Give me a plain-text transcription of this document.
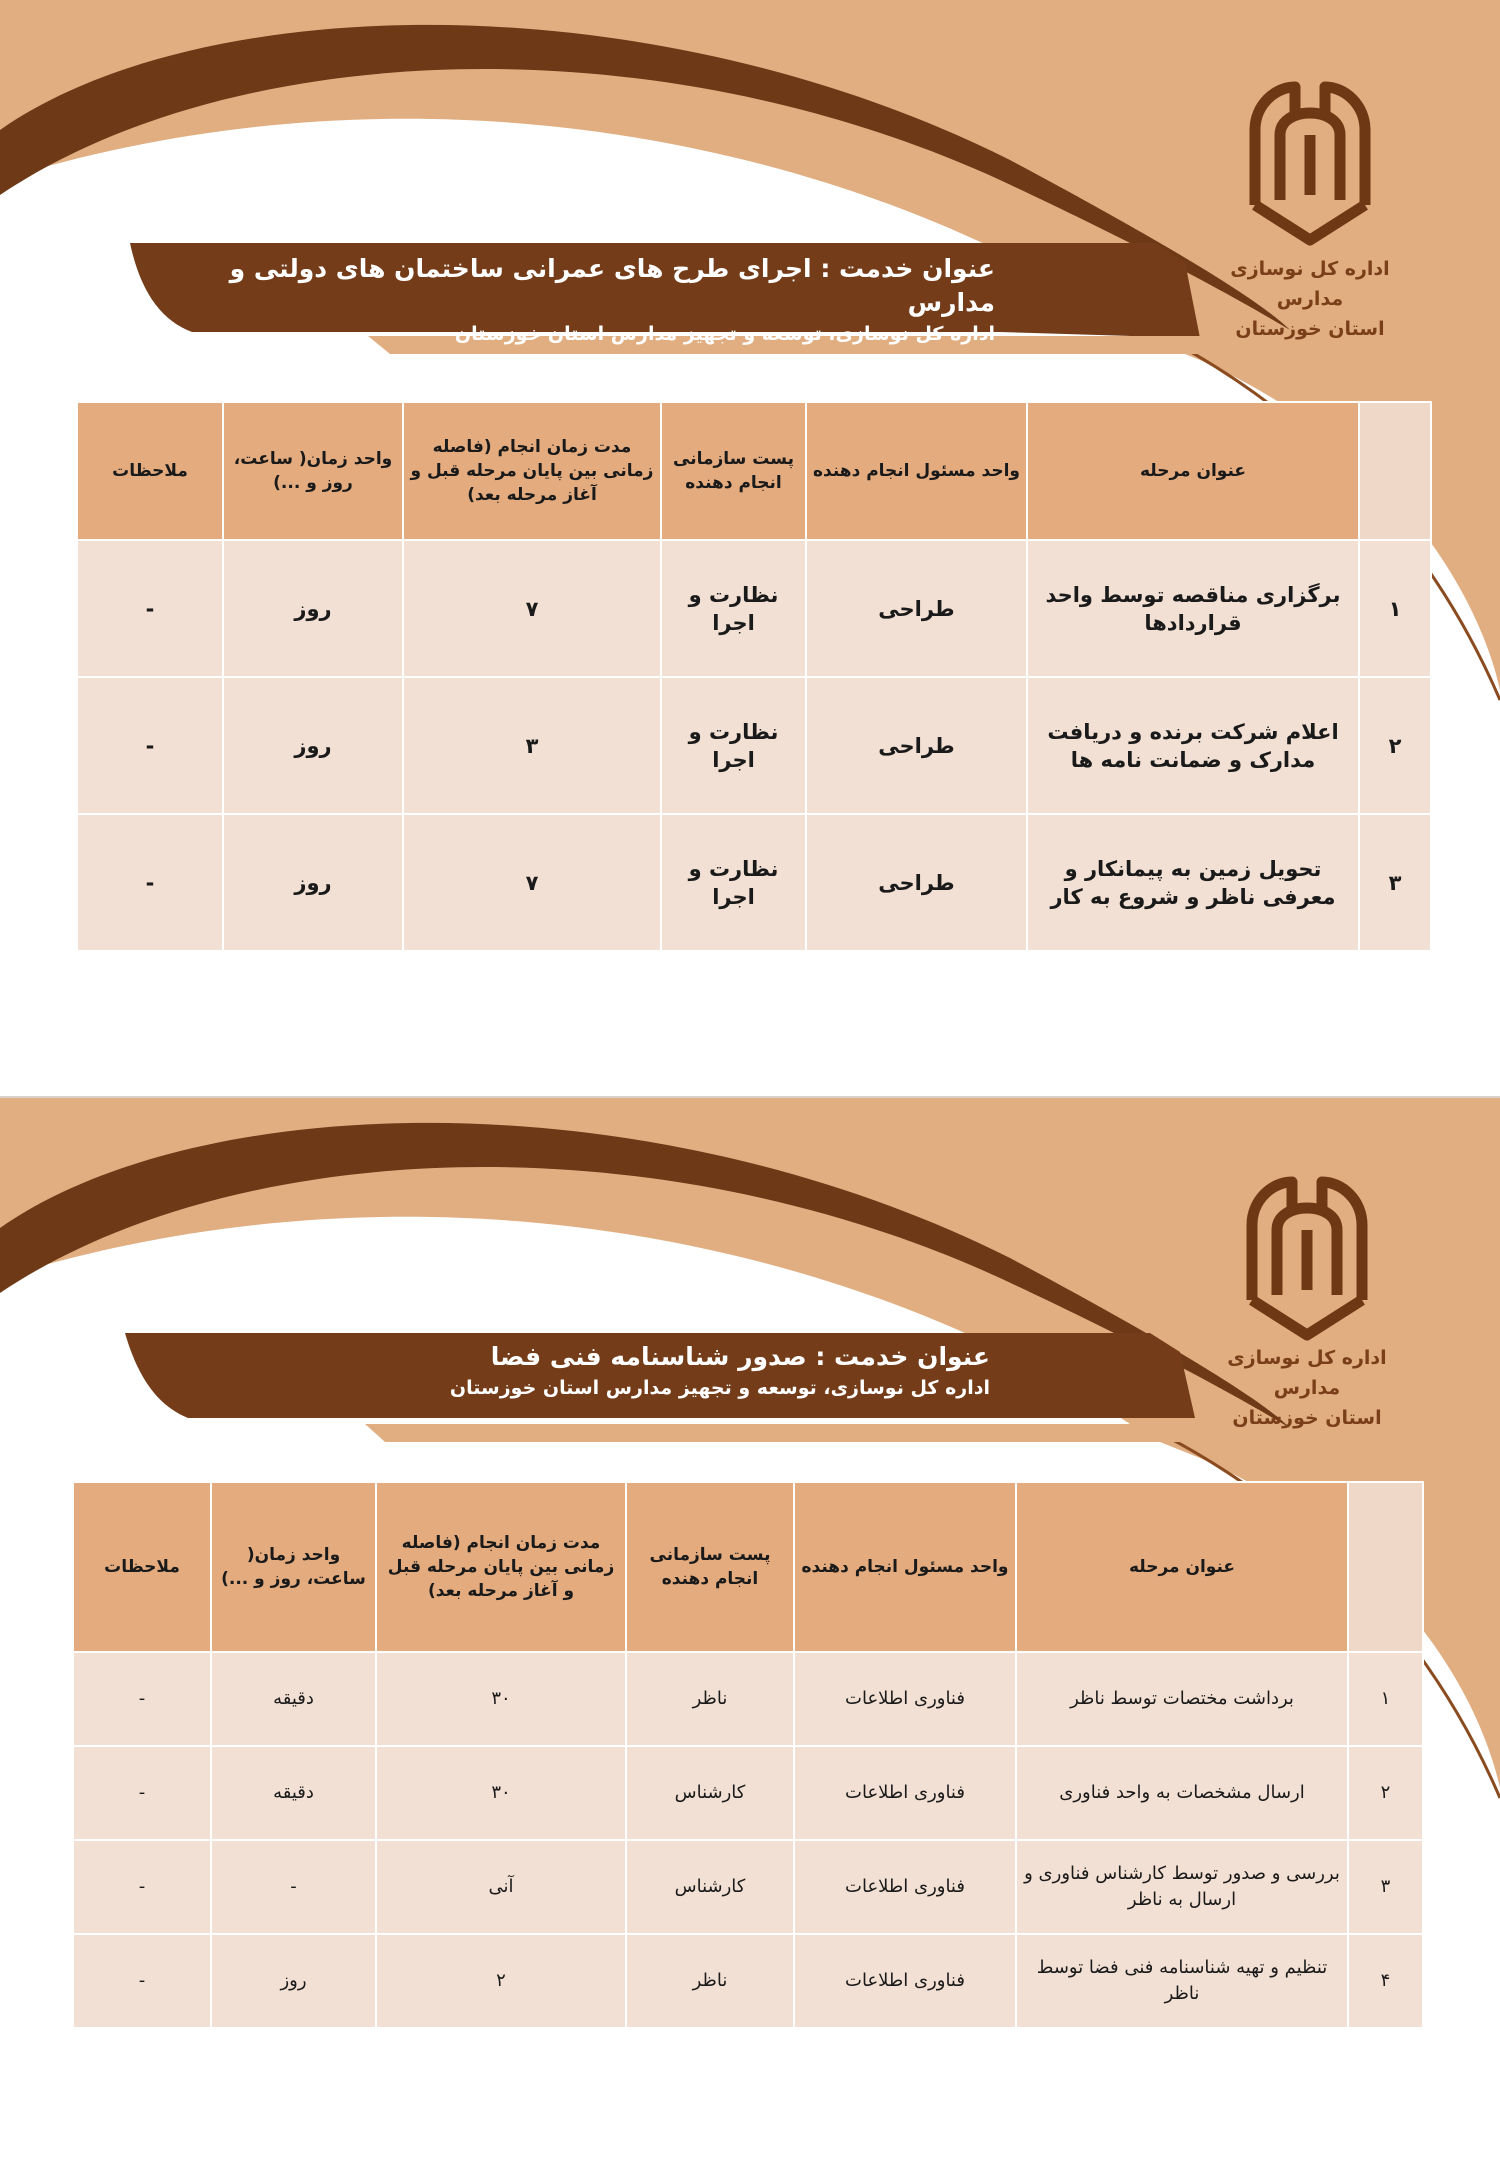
عنوان خدمت : اجرای طرح های عمرانی ساختمان های دولتی و مدارس
اداره کل نوسازی، توسعه و تجهیز مدارس استان خوزستان
اداره کل نوسازی مدارس
استان خوزستان
	عنوان مرحله	واحد مسئول انجام دهنده	پست سازمانی انجام دهنده	مدت زمان انجام (فاصله زمانی بین پایان مرحله قبل و آغاز مرحله بعد)	واحد زمان( ساعت، روز و ...)	ملاحظات
۱	برگزاری مناقصه توسط واحد قراردادها	طراحی	نظارت و اجرا	۷	روز	-
۲	اعلام شرکت برنده و دریافت مدارک و ضمانت نامه ها	طراحی	نظارت و اجرا	۳	روز	-
۳	تحویل زمین به پیمانکار و معرفی ناظر و شروع به کار	طراحی	نظارت و اجرا	۷	روز	-
عنوان خدمت : صدور شناسنامه فنی فضا
اداره کل نوسازی، توسعه و تجهیز مدارس استان خوزستان
اداره کل نوسازی مدارس
استان خوزستان
	عنوان مرحله	واحد مسئول انجام دهنده	پست سازمانی انجام دهنده	مدت زمان انجام (فاصله زمانی بین پایان مرحله قبل و آغاز مرحله بعد)	واحد زمان( ساعت، روز و ...)	ملاحظات
۱	برداشت مختصات توسط ناظر	فناوری اطلاعات	ناظر	۳۰	دقیقه	-
۲	ارسال مشخصات به واحد فناوری	فناوری اطلاعات	کارشناس	۳۰	دقیقه	-
۳	بررسی و صدور توسط کارشناس فناوری و ارسال به ناظر	فناوری اطلاعات	کارشناس	آنی	-	-
۴	تنظیم و تهیه شناسنامه فنی فضا توسط ناظر	فناوری اطلاعات	ناظر	۲	روز	-
